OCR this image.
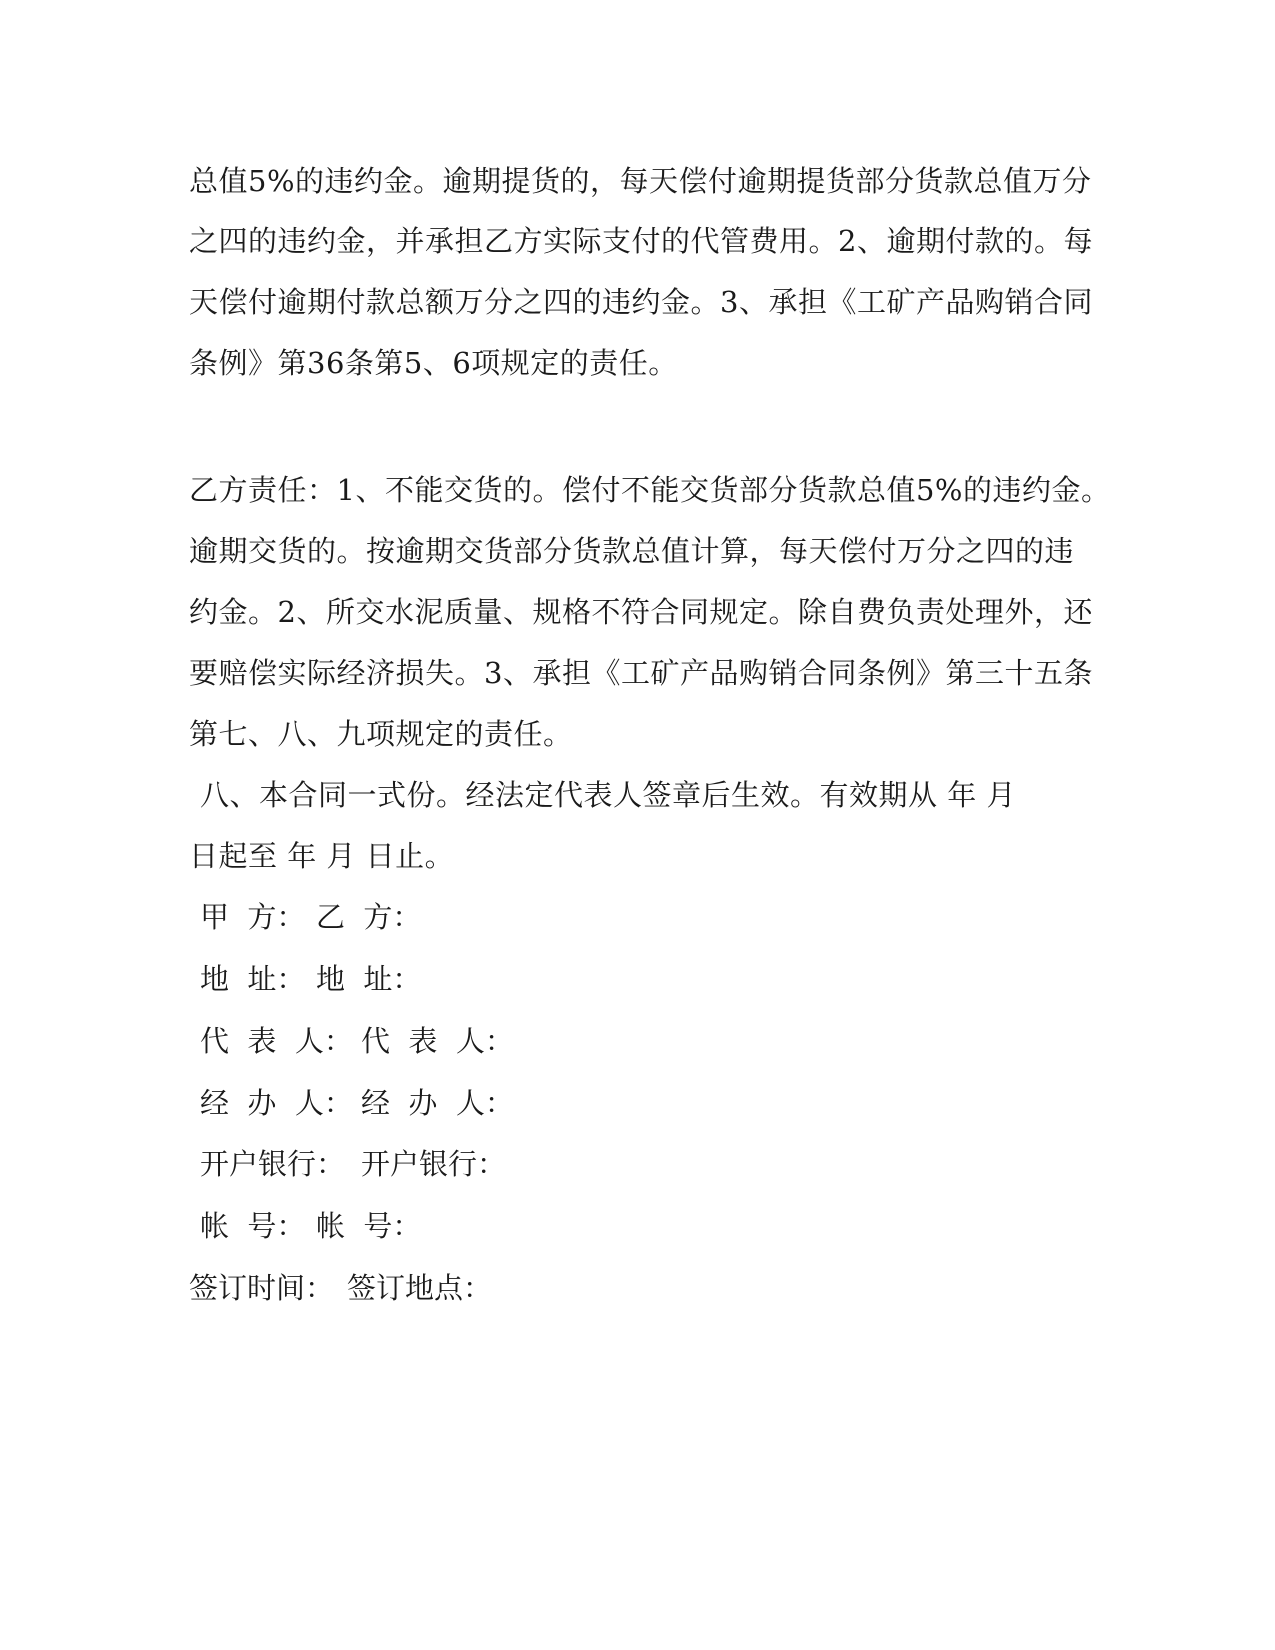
总值5%的违约金。逾期提货的，每天偿付逾期提货部分货款总值万分
之四的违约金，并承担乙方实际支付的代管费用。2、逾期付款的。每
天偿付逾期付款总额万分之四的违约金。3、承担《工矿产品购销合同
条例》第36条第5、6项规定的责任。
乙方责任：1、不能交货的。偿付不能交货部分货款总值5%的违约金。
逾期交货的。按逾期交货部分货款总值计算，每天偿付万分之四的违
约金。2、所交水泥质量、规格不符合同规定。除自费负责处理外，还
要赔偿实际经济损失。3、承担《工矿产品购销合同条例》第三十五条
第七、八、九项规定的责任。
八、本合同一式份。经法定代表人签章后生效。有效期从 年 月
日起至 年 月 日止。
甲  方： 乙  方：
地  址： 地  址：
代  表  人： 代  表  人：
经  办  人： 经  办  人：
开户银行： 开户银行：
帐  号： 帐  号：
签订时间： 签订地点：
